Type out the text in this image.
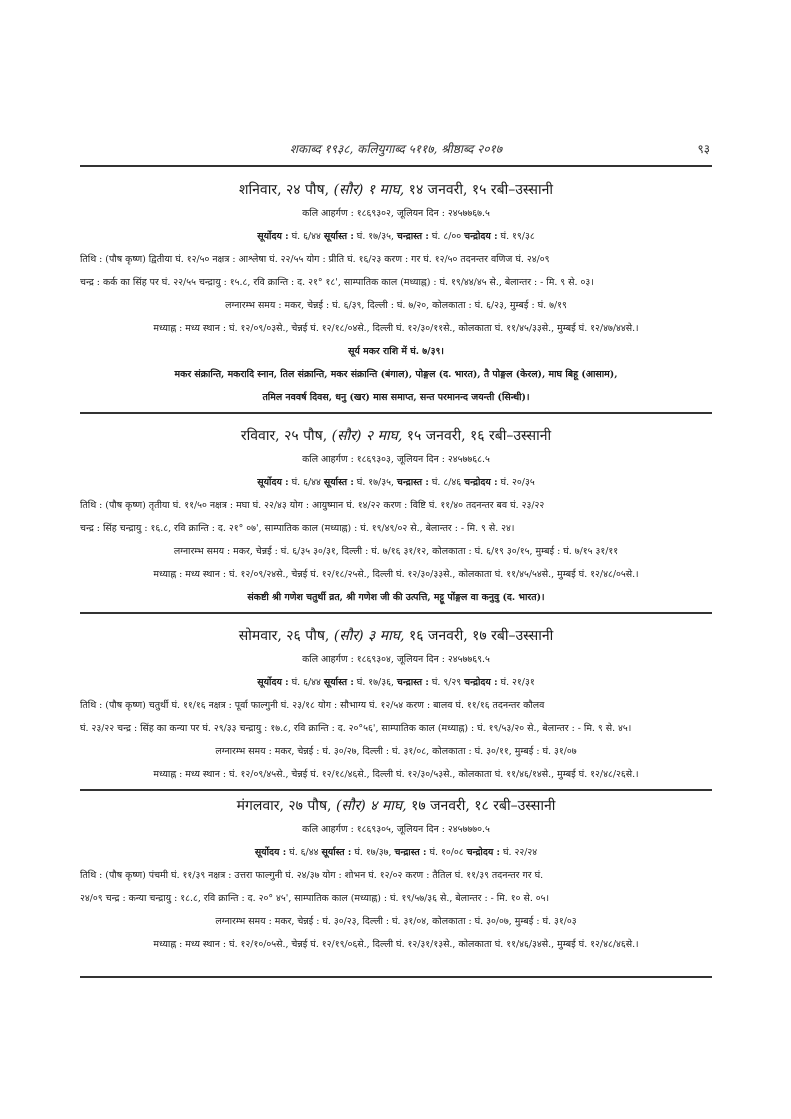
शकाब्द १९३८, कलियुगाब्द ५११७, श्रीष्ठाब्द २०१७	९३
शनिवार, २४ पौष, (सौर) १ माघ, १४ जनवरी, १५ रबी–उस्सानी
कलि आहर्गण : १८६९३०२, जूलियन दिन : २४५७७६७.५
सूर्योदय : घं. ६/४४ सूर्यास्त : घं. १७/३५, चन्द्रास्त : घं. ८/०० चन्द्रोदय : घं. १९/३८
तिथि : (पौष कृष्ण) द्वितीया घं. १२/५० नक्षत्र : आश्लेषा घं. २२/५५ योग : प्रीति घं. १६/२३ करण : गर घं. १२/५० तदनन्तर वणिज घं. २४/०९
चन्द्र : कर्क का सिंह पर घं. २२/५५ चन्द्रायु : १५.८, रवि क्रान्ति : द. २१° १८', साम्पातिक काल (मध्याह्न) : घं. १९/४४/४५ से., बेलान्तर : - मि. ९ से. ०३।
लग्नारम्भ समय : मकर, चेन्नई : घं. ६/३९, दिल्ली : घं. ७/२०, कोलकाता : घं. ६/२३, मुम्बई : घं. ७/१९
मध्याह्न : मध्य स्थान : घं. १२/०९/०३से., चेन्नई घं. १२/१८/०४से., दिल्ली घं. १२/३०/११से., कोलकाता घं. ११/४५/३३से., मुम्बई घं. १२/४७/४४से.।
सूर्य मकर राशि में घं. ७/३९।
मकर संक्रान्ति, मकरादि स्नान, तिल संक्रान्ति, मकर संक्रान्ति (बंगाल), पोङ्गल (द. भारत), तै पोङ्गल (केरल), माघ बिहू (आसाम),
तमिल नववर्ष दिवस, धनु (खर) मास समाप्त, सन्त परमानन्द जयन्ती (सिन्धी)।
रविवार, २५ पौष, (सौर) २ माघ, १५ जनवरी, १६ रबी–उस्सानी
कलि आहर्गण : १८६९३०३, जूलियन दिन : २४५७७६८.५
सूर्योदय : घं. ६/४४ सूर्यास्त : घं. १७/३५, चन्द्रास्त : घं. ८/४६ चन्द्रोदय : घं. २०/३५
तिथि : (पौष कृष्ण) तृतीया घं. ११/५० नक्षत्र : मघा घं. २२/४३ योग : आयुष्मान घं. १४/२२ करण : विष्टि घं. ११/४० तदनन्तर बव घं. २३/२२
चन्द्र : सिंह चन्द्रायु : १६.८, रवि क्रान्ति : द. २१° ०७', साम्पातिक काल (मध्याह्न) : घं. १९/४९/०२ से., बेलान्तर : - मि. ९ से. २४।
लग्नारम्भ समय : मकर, चेन्नई : घं. ६/३५ ३०/३१, दिल्ली : घं. ७/१६ ३१/१२, कोलकाता : घं. ६/१९ ३०/१५, मुम्बई : घं. ७/१५ ३१/११
मध्याह्न : मध्य स्थान : घं. १२/०९/२४से., चेन्नई घं. १२/१८/२५से., दिल्ली घं. १२/३०/३३से., कोलकाता घं. ११/४५/५४से., मुम्बई घं. १२/४८/०५से.।
संकष्टी श्री गणेश चतुर्थी व्रत, श्री गणेश जी की उत्पत्ति, मट्टू पोंङ्गल वा कनुवु (द. भारत)।
सोमवार, २६ पौष, (सौर) ३ माघ, १६ जनवरी, १७ रबी–उस्सानी
कलि आहर्गण : १८६९३०४, जूलियन दिन : २४५७७६९.५
सूर्योदय : घं. ६/४४ सूर्यास्त : घं. १७/३६, चन्द्रास्त : घं. ९/२९ चन्द्रोदय : घं. २१/३१
तिथि : (पौष कृष्ण) चतुर्थी घं. ११/१६ नक्षत्र : पूर्वा फाल्गुनी घं. २३/१८ योग : सौभाग्य घं. १२/५४ करण : बालव घं. ११/१६ तदनन्तर कौलव
घं. २३/२२ चन्द्र : सिंह का कन्या पर घं. २९/३३ चन्द्रायु : १७.८, रवि क्रान्ति : द. २०°५६', साम्पातिक काल (मध्याह्न) : घं. १९/५३/२० से., बेलान्तर : - मि. ९ से. ४५।
लग्नारम्भ समय : मकर, चेन्नई : घं. ३०/२७, दिल्ली : घं. ३१/०८, कोलकाता : घं. ३०/११, मुम्बई : घं. ३१/०७
मध्याह्न : मध्य स्थान : घं. १२/०९/४५से., चेन्नई घं. १२/१८/४६से., दिल्ली घं. १२/३०/५३से., कोलकाता घं. ११/४६/१४से., मुम्बई घं. १२/४८/२६से.।
मंगलवार, २७ पौष, (सौर) ४ माघ, १७ जनवरी, १८ रबी–उस्सानी
कलि आहर्गण : १८६९३०५, जूलियन दिन : २४५७७७०.५
सूर्योदय : घं. ६/४४ सूर्यास्त : घं. १७/३७, चन्द्रास्त : घं. १०/०८ चन्द्रोदय : घं. २२/२४
तिथि : (पौष कृष्ण) पंचमी घं. ११/३९ नक्षत्र : उत्तरा फाल्गुनी घं. २४/३७ योग : शोभन घं. १२/०२ करण : तैतिल घं. ११/३९ तदनन्तर गर घं.
२४/०९ चन्द्र : कन्या चन्द्रायु : १८.८, रवि क्रान्ति : द. २०° ४५', साम्पातिक काल (मध्याह्न) : घं. १९/५७/३६ से., बेलान्तर : - मि. १० से. ०५।
लग्नारम्भ समय : मकर, चेन्नई : घं. ३०/२३, दिल्ली : घं. ३१/०४, कोलकाता : घं. ३०/०७, मुम्बई : घं. ३१/०३
मध्याह्न : मध्य स्थान : घं. १२/१०/०५से., चेन्नई घं. १२/१९/०६से., दिल्ली घं. १२/३१/१३से., कोलकाता घं. ११/४६/३४से., मुम्बई घं. १२/४८/४६से.।
